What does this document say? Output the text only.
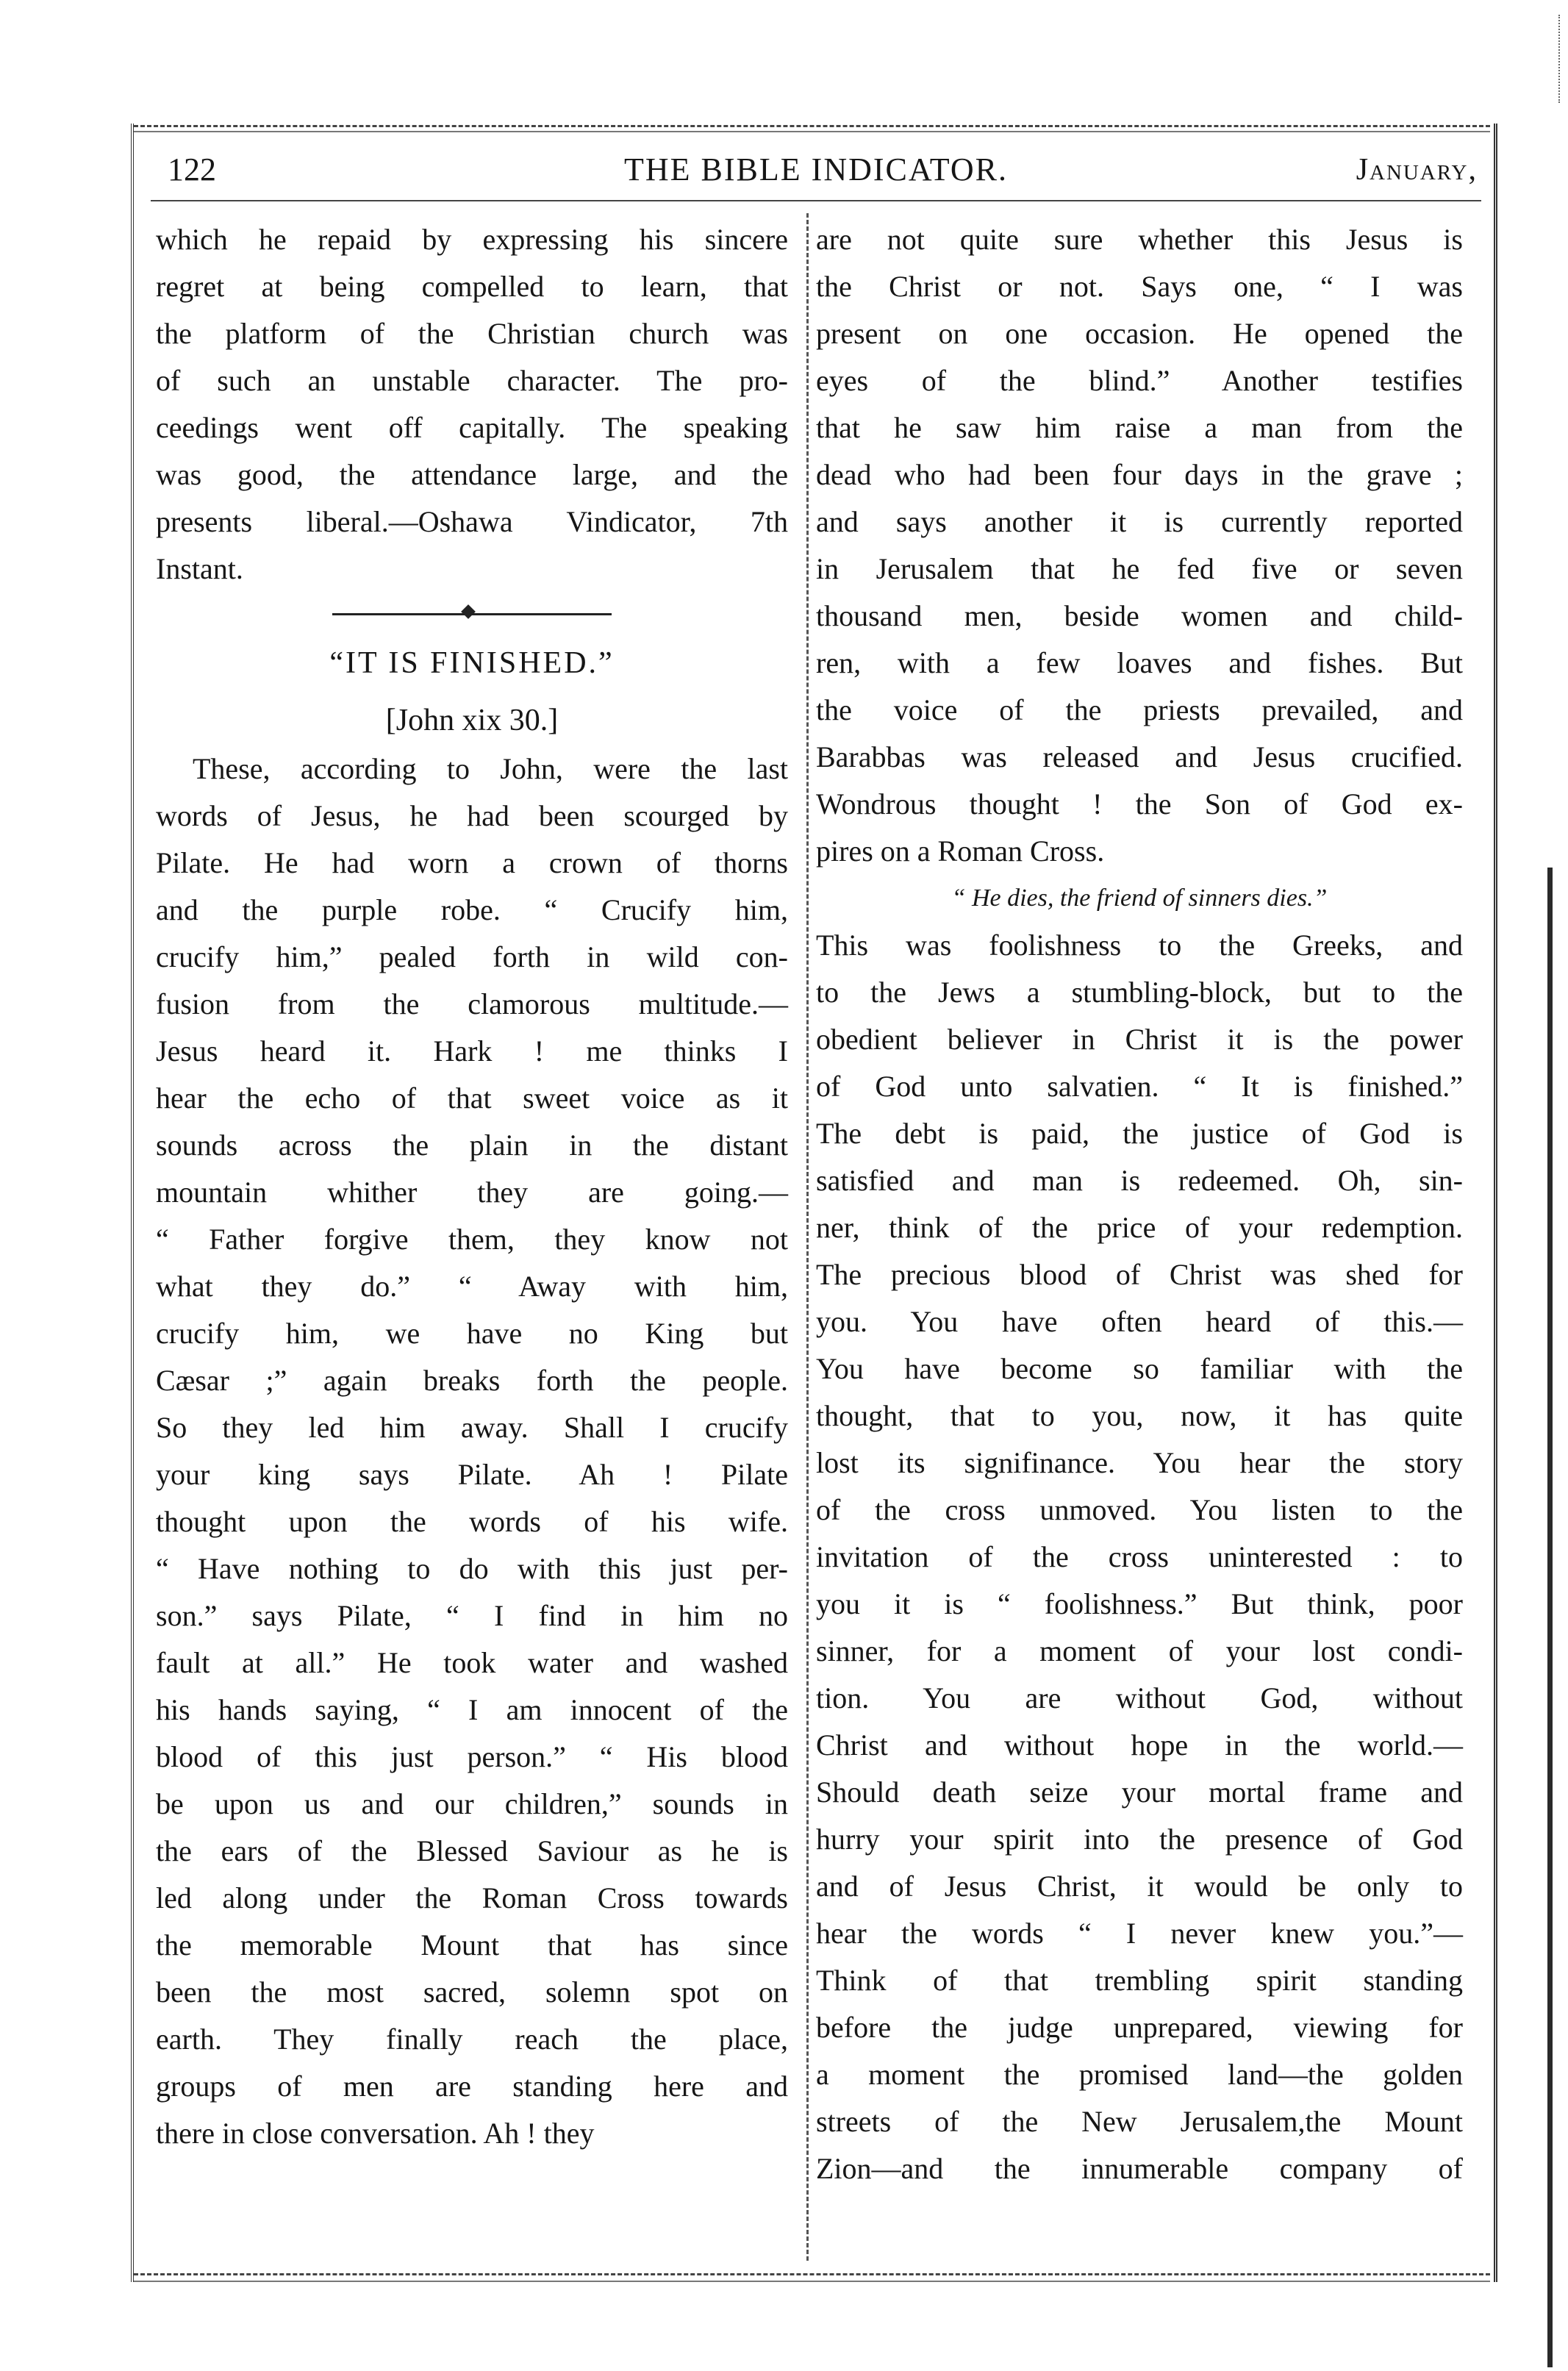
122	THE BIBLE INDICATOR.	January,
which he repaid by expressing his sincere
regret at being compelled to learn, that
the platform of the Christian church was
of such an unstable character. The pro-
ceedings went off capitally. The speaking
was good, the attendance large, and the
presents liberal.—Oshawa Vindicator, 7th
Instant.
“IT IS FINISHED.”
[John xix 30.]
These, according to John, were the last
words of Jesus, he had been scourged by
Pilate. He had worn a crown of thorns
and the purple robe. “ Crucify him,
crucify him,” pealed forth in wild con-
fusion from the clamorous multitude.—
Jesus heard it. Hark ! me thinks I
hear the echo of that sweet voice as it
sounds across the plain in the distant
mountain whither they are going.—
“ Father forgive them, they know not
what they do.” “ Away with him,
crucify him, we have no King but
Cæsar ;” again breaks forth the people.
So they led him away. Shall I crucify
your king says Pilate. Ah ! Pilate
thought upon the words of his wife.
“ Have nothing to do with this just per-
son.” says Pilate, “ I find in him no
fault at all.” He took water and washed
his hands saying, “ I am innocent of the
blood of this just person.” “ His blood
be upon us and our children,” sounds in
the ears of the Blessed Saviour as he is
led along under the Roman Cross towards
the memorable Mount that has since
been the most sacred, solemn spot on
earth. They finally reach the place,
groups of men are standing here and
there in close conversation. Ah ! they
are not quite sure whether this Jesus is
the Christ or not. Says one, “ I was
present on one occasion. He opened the
eyes of the blind.” Another testifies
that he saw him raise a man from the
dead who had been four days in the grave ;
and says another it is currently reported
in Jerusalem that he fed five or seven
thousand men, beside women and child-
ren, with a few loaves and fishes. But
the voice of the priests prevailed, and
Barabbas was released and Jesus crucified.
Wondrous thought ! the Son of God ex-
pires on a Roman Cross.
“ He dies, the friend of sinners dies.”
This was foolishness to the Greeks, and
to the Jews a stumbling-block, but to the
obedient believer in Christ it is the power
of God unto salvatien. “ It is finished.”
The debt is paid, the justice of God is
satisfied and man is redeemed. Oh, sin-
ner, think of the price of your redemption.
The precious blood of Christ was shed for
you. You have often heard of this.—
You have become so familiar with the
thought, that to you, now, it has quite
lost its signifinance. You hear the story
of the cross unmoved. You listen to the
invitation of the cross uninterested : to
you it is “ foolishness.” But think, poor
sinner, for a moment of your lost condi-
tion. You are without God, without
Christ and without hope in the world.—
Should death seize your mortal frame and
hurry your spirit into the presence of God
and of Jesus Christ, it would be only to
hear the words “ I never knew you.”—
Think of that trembling spirit standing
before the judge unprepared, viewing for
a moment the promised land—the golden
streets of the New Jerusalem,the Mount
Zion—and the innumerable company of
